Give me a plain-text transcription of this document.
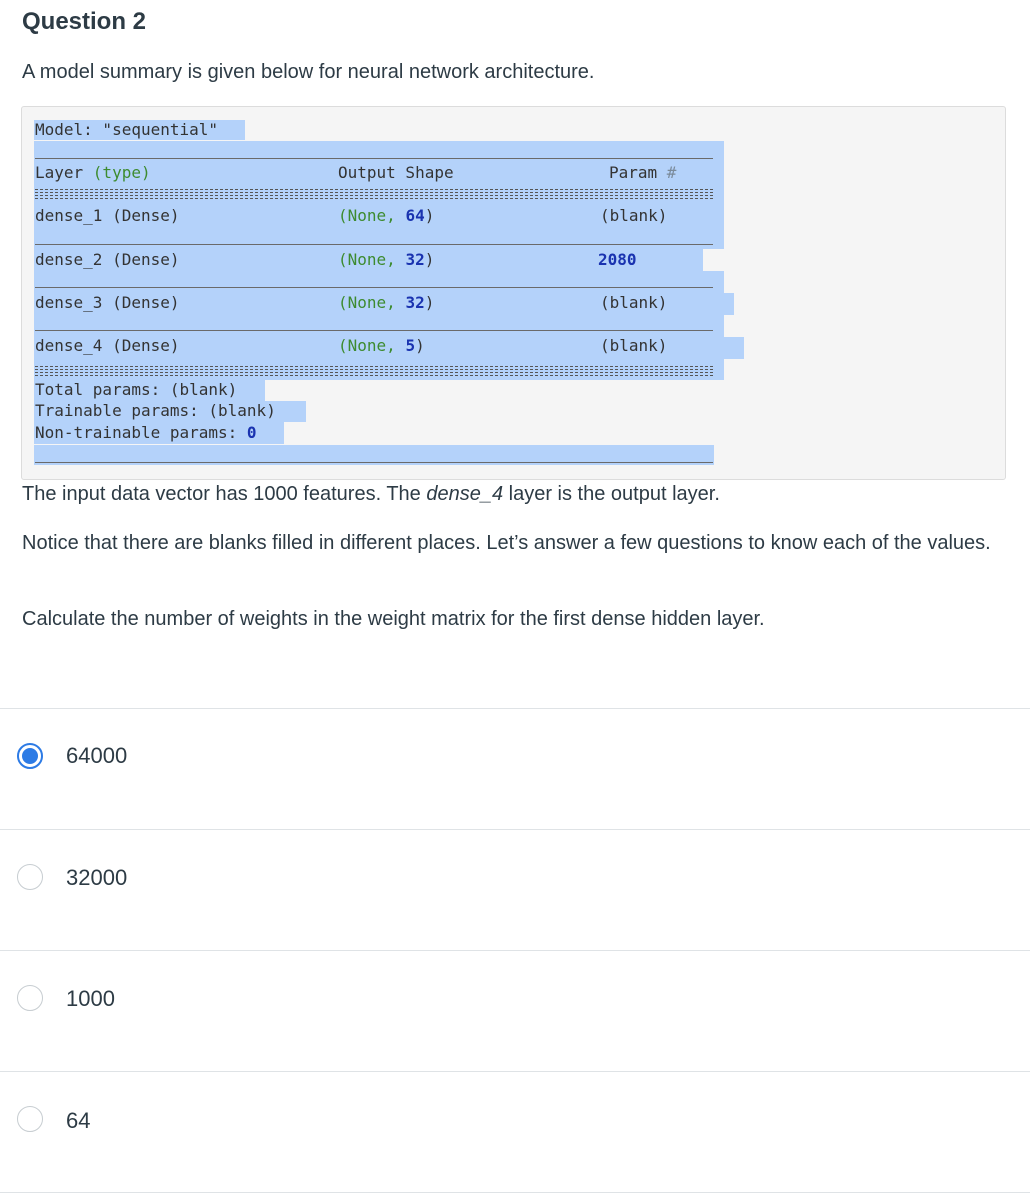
Question 2

A model summary is given below for neural network architecture.

Model: "sequential"
Layer (type)	Output Shape	Param #
dense_1 (Dense)	(None, 64)	(blank)
dense_2 (Dense)	(None, 32)	2080
dense_3 (Dense)	(None, 32)	(blank)
dense_4 (Dense)	(None, 5)	(blank)
Total params: (blank)
Trainable params: (blank)
Non-trainable params: 0

The input data vector has 1000 features. The dense_4 layer is the output layer.

Notice that there are blanks filled in different places. Let’s answer a few questions to know each of the values.

Calculate the number of weights in the weight matrix for the first dense hidden layer.

64000
32000
1000
64
